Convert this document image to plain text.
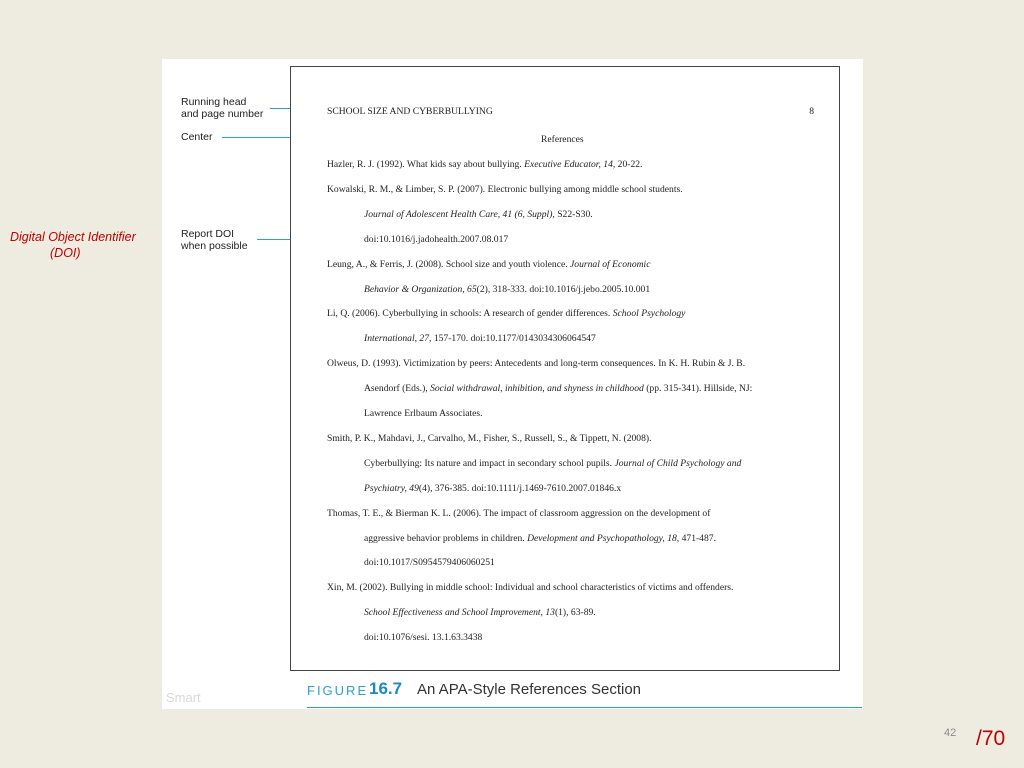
Digital Object Identifier
(DOI)
Running head
and page number
Center
Report DOI
when possible
Smart
SCHOOL SIZE AND CYBERBULLYING	8
References
Hazler, R. J. (1992). What kids say about bullying. Executive Educator, 14, 20-22.
Kowalski, R. M., & Limber, S. P. (2007). Electronic bullying among middle school students.
Journal of Adolescent Health Care, 41 (6, Suppl), S22-S30.
doi:10.1016/j.jadohealth.2007.08.017
Leung, A., & Ferris, J. (2008). School size and youth violence. Journal of Economic
Behavior & Organization, 65(2), 318-333. doi:10.1016/j.jebo.2005.10.001
Li, Q. (2006). Cyberbullying in schools: A research of gender differences. School Psychology
International, 27, 157-170. doi:10.1177/0143034306064547
Olweus, D. (1993). Victimization by peers: Antecedents and long-term consequences. In K. H. Rubin & J. B.
Asendorf (Eds.), Social withdrawal, inhibition, and shyness in childhood (pp. 315-341). Hillside, NJ:
Lawrence Erlbaum Associates.
Smith, P. K., Mahdavi, J., Carvalho, M., Fisher, S., Russell, S., & Tippett, N. (2008).
Cyberbullying: Its nature and impact in secondary school pupils. Journal of Child Psychology and
Psychiatry, 49(4), 376-385. doi:10.1111/j.1469-7610.2007.01846.x
Thomas, T. E., & Bierman K. L. (2006). The impact of classroom aggression on the development of
aggressive behavior problems in children. Development and Psychopathology, 18, 471-487.
doi:10.1017/S0954579406060251
Xin, M. (2002). Bullying in middle school: Individual and school characteristics of victims and offenders.
School Effectiveness and School Improvement, 13(1), 63-89.
doi:10.1076/sesi. 13.1.63.3438
FIGURE 16.7 An APA-Style References Section
42 /70
